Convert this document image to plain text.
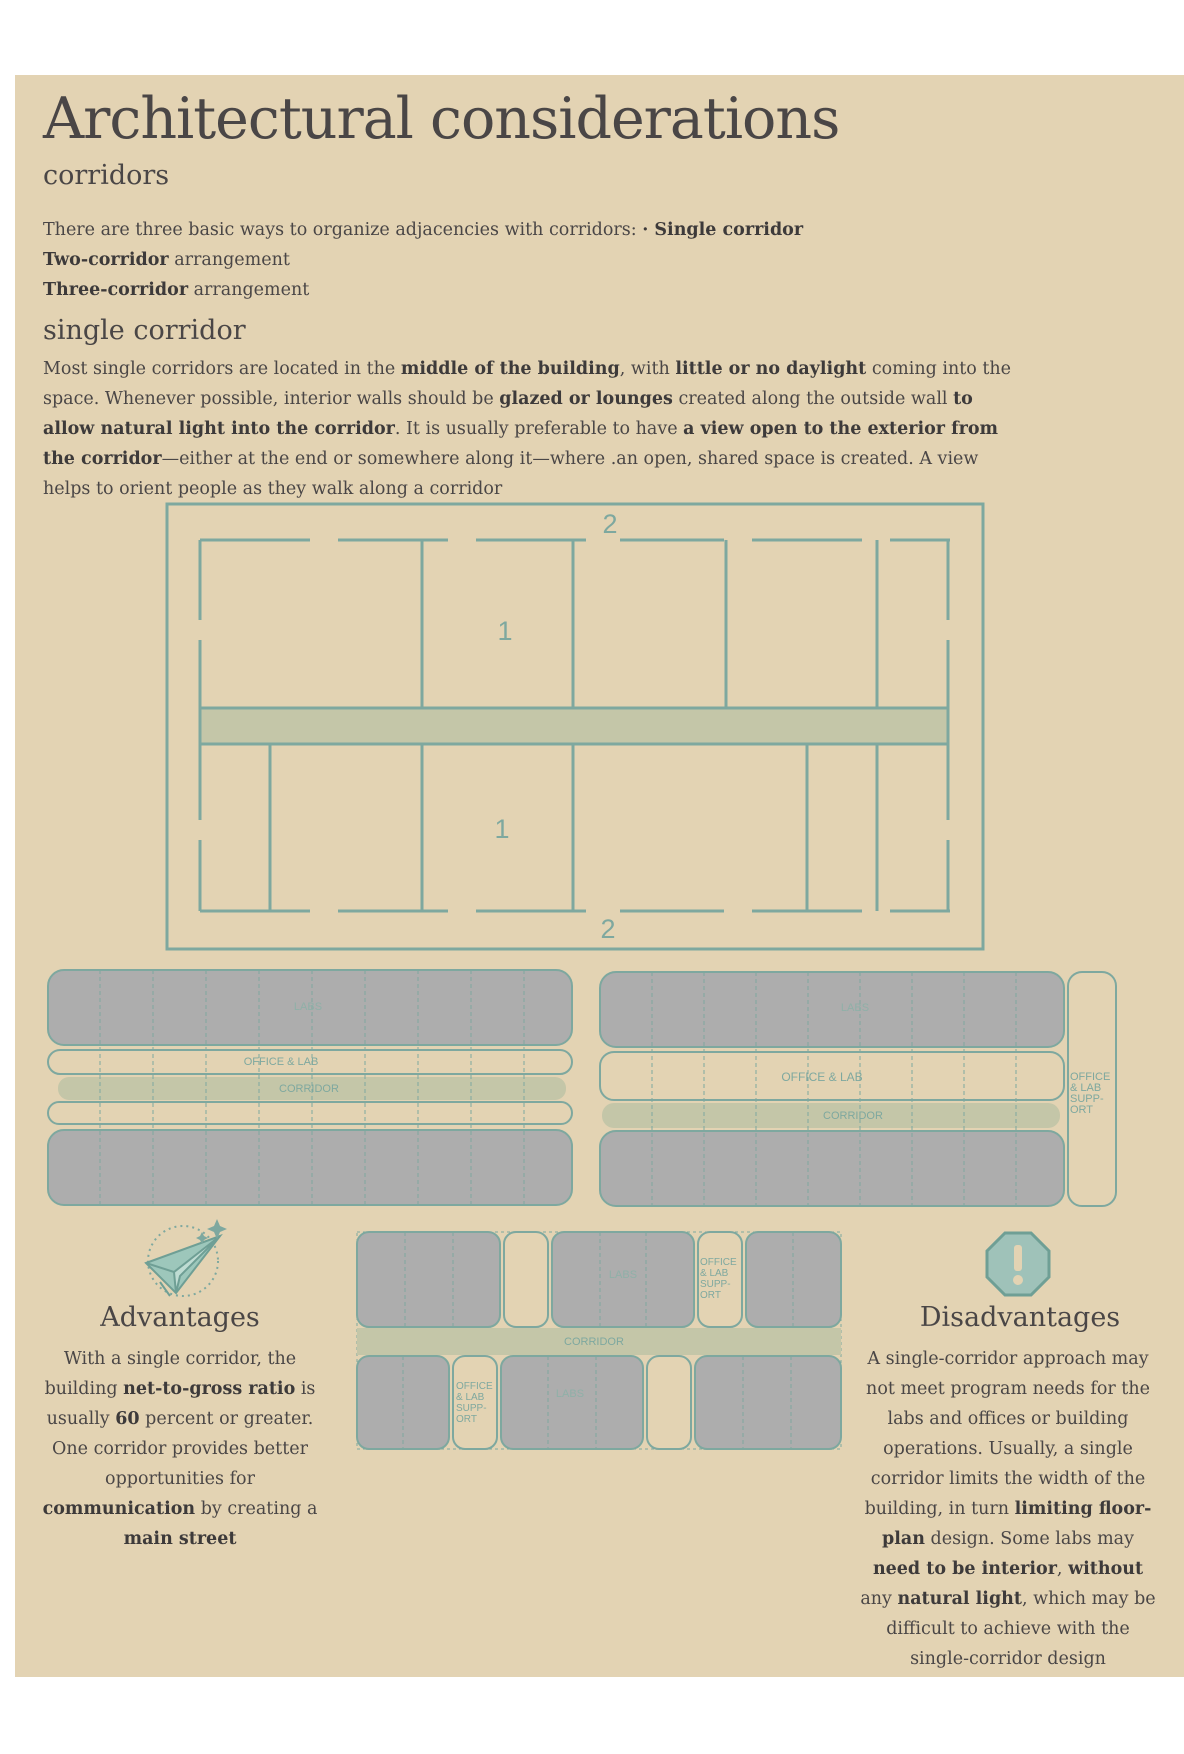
Architectural considerations
corridors
There are three basic ways to organize adjacencies with corridors: · Single corridor
Two-corridor arrangement
Three-corridor arrangement
single corridor

Most single corridors are located in the middle of the building, with little or no daylight coming into the space. Whenever possible, interior walls should be glazed or lounges created along the outside wall to allow natural light into the corridor. It is usually preferable to have a view open to the exterior from the corridor—either at the end or somewhere along it—where .an open, shared space is created. A view helps to orient people as they walk along a corridor

2
1
1
2
LABS
OFFICE & LAB
CORRIDOR
LABS
OFFICE & LAB
CORRIDOR
OFFICE
& LAB
SUPP-
ORT
LABS
LABS
CORRIDOR
OFFICE
& LAB
SUPP-
ORT
OFFICE
& LAB
SUPP-
ORT
Advantages

With a single corridor, the building net-to-gross ratio is usually 60 percent or greater. One corridor provides better opportunities for communication by creating a main street

Disadvantages

A single-corridor approach may not meet program needs for the labs and offices or building operations. Usually, a single corridor limits the width of the building, in turn limiting floor-plan design. Some labs may need to be interior, without any natural light, which may be difficult to achieve with the single-corridor design
